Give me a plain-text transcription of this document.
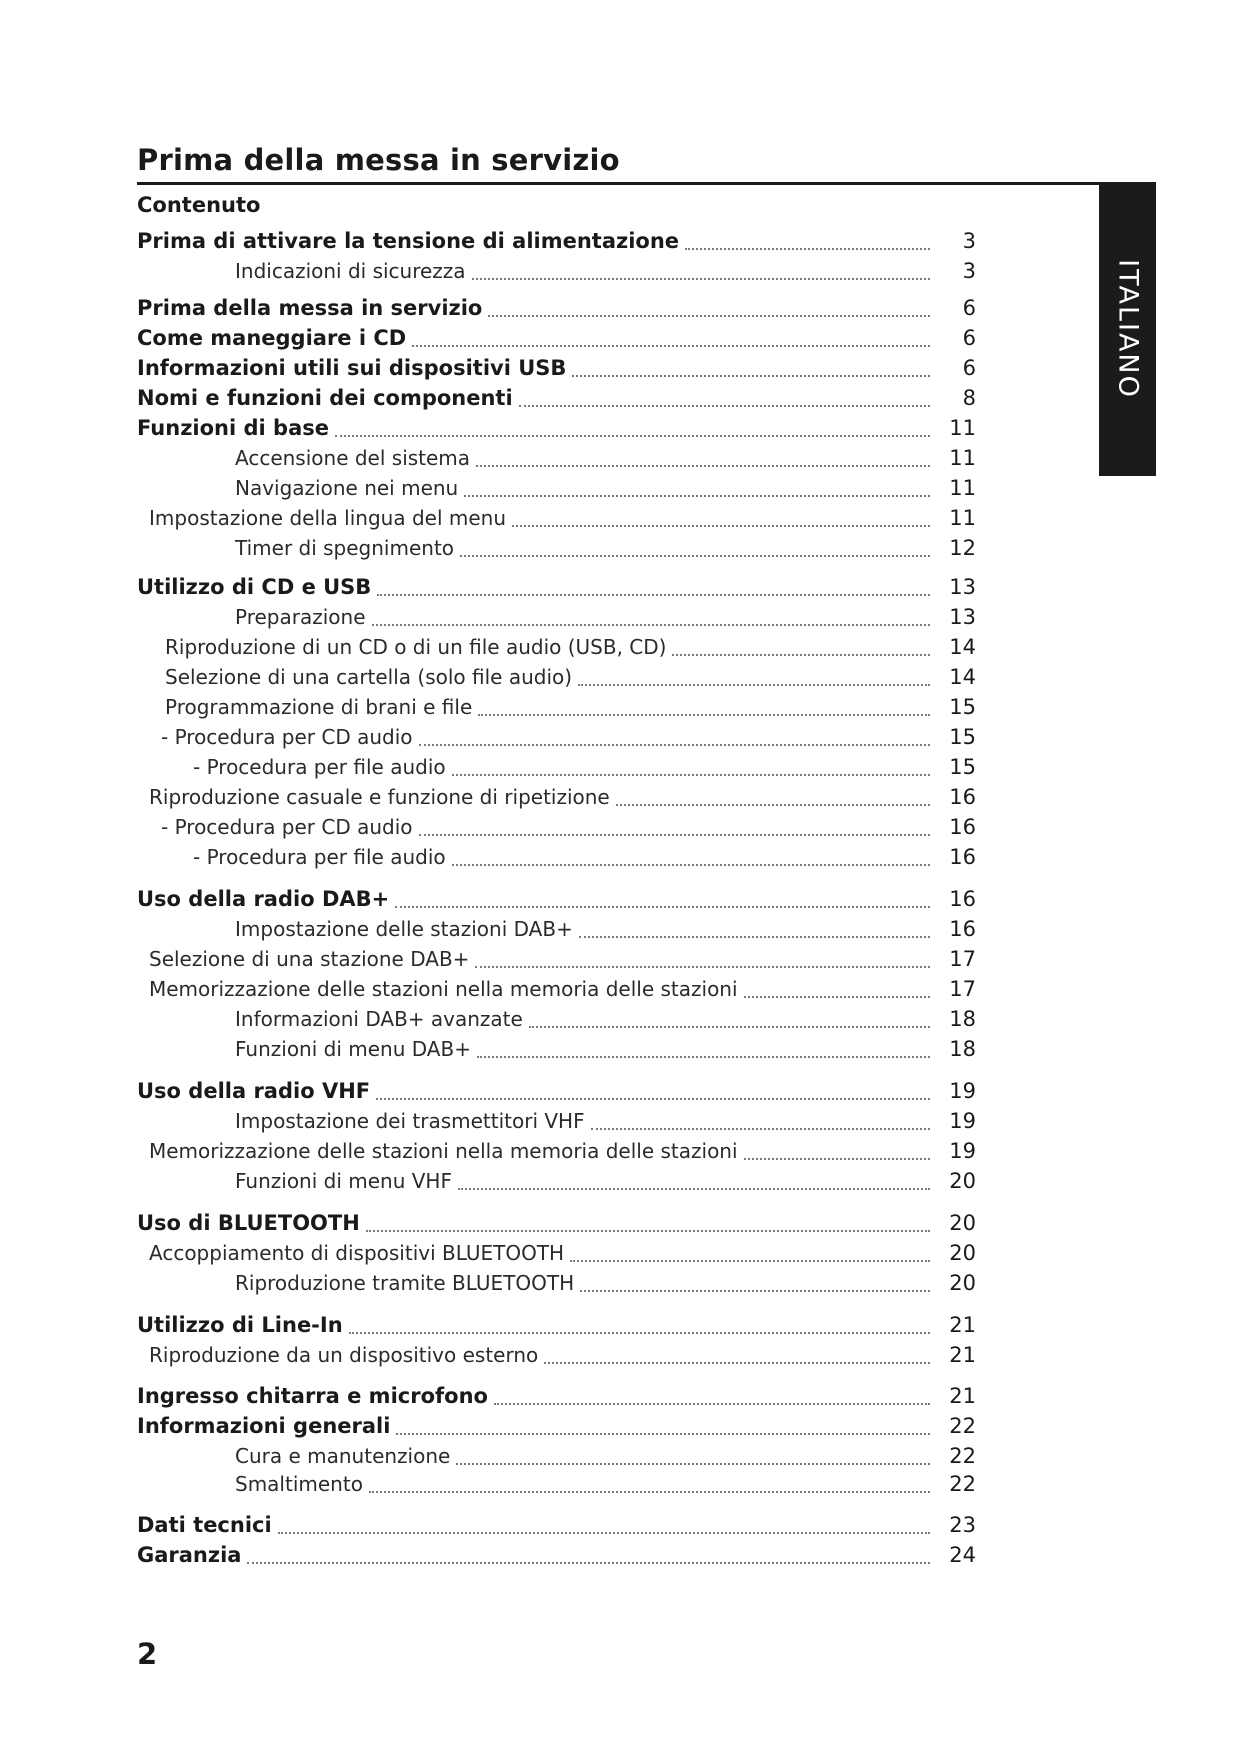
Prima della messa in servizio
Contenuto
ITALIANO
Prima di attivare la tensione di alimentazione	3
Indicazioni di sicurezza	3
Prima della messa in servizio	6
Come maneggiare i CD	6
Informazioni utili sui dispositivi USB	6
Nomi e funzioni dei componenti	8
Funzioni di base	11
Accensione del sistema	11
Navigazione nei menu	11
Impostazione della lingua del menu	11
Timer di spegnimento	12
Utilizzo di CD e USB	13
Preparazione	13
Riproduzione di un CD o di un file audio (USB, CD)	14
Selezione di una cartella (solo file audio)	14
Programmazione di brani e file	15
- Procedura per CD audio	15
- Procedura per file audio	15
Riproduzione casuale e funzione di ripetizione	16
- Procedura per CD audio	16
- Procedura per file audio	16
Uso della radio DAB+	16
Impostazione delle stazioni DAB+	16
Selezione di una stazione DAB+	17
Memorizzazione delle stazioni nella memoria delle stazioni	17
Informazioni DAB+ avanzate	18
Funzioni di menu DAB+	18
Uso della radio VHF	19
Impostazione dei trasmettitori VHF	19
Memorizzazione delle stazioni nella memoria delle stazioni	19
Funzioni di menu VHF	20
Uso di BLUETOOTH	20
Accoppiamento di dispositivi BLUETOOTH	20
Riproduzione tramite BLUETOOTH	20
Utilizzo di Line-In	21
Riproduzione da un dispositivo esterno	21
Ingresso chitarra e microfono	21
Informazioni generali	22
Cura e manutenzione	22
Smaltimento	22
Dati tecnici	23
Garanzia	24
2
